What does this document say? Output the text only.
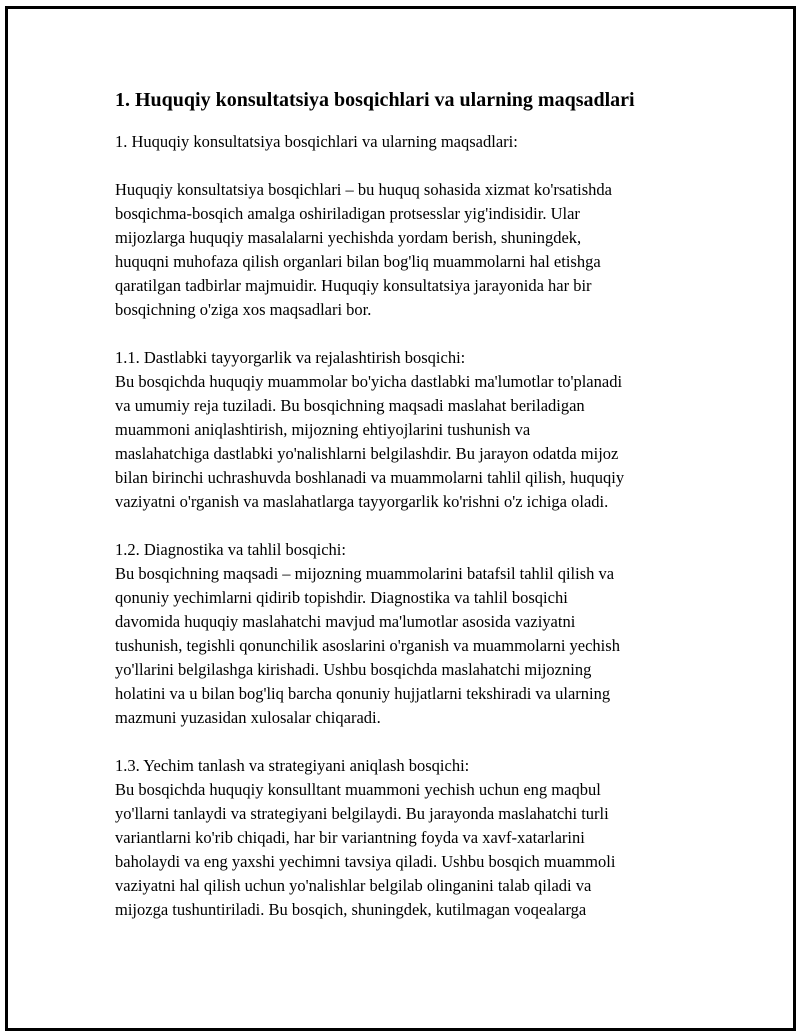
1. Huquqiy konsultatsiya bosqichlari va ularning maqsadlari

1. Huquqiy konsultatsiya bosqichlari va ularning maqsadlari:

Huquqiy konsultatsiya bosqichlari – bu huquq sohasida xizmat ko'rsatishda
bosqichma-bosqich amalga oshiriladigan protsesslar yig'indisidir. Ular
mijozlarga huquqiy masalalarni yechishda yordam berish, shuningdek,
huquqni muhofaza qilish organlari bilan bog'liq muammolarni hal etishga
qaratilgan tadbirlar majmuidir. Huquqiy konsultatsiya jarayonida har bir
bosqichning o'ziga xos maqsadlari bor.

1.1. Dastlabki tayyorgarlik va rejalashtirish bosqichi:
Bu bosqichda huquqiy muammolar bo'yicha dastlabki ma'lumotlar to'planadi
va umumiy reja tuziladi. Bu bosqichning maqsadi maslahat beriladigan
muammoni aniqlashtirish, mijozning ehtiyojlarini tushunish va
maslahatchiga dastlabki yo'nalishlarni belgilashdir. Bu jarayon odatda mijoz
bilan birinchi uchrashuvda boshlanadi va muammolarni tahlil qilish, huquqiy
vaziyatni o'rganish va maslahatlarga tayyorgarlik ko'rishni o'z ichiga oladi.

1.2. Diagnostika va tahlil bosqichi:
Bu bosqichning maqsadi – mijozning muammolarini batafsil tahlil qilish va
qonuniy yechimlarni qidirib topishdir. Diagnostika va tahlil bosqichi
davomida huquqiy maslahatchi mavjud ma'lumotlar asosida vaziyatni
tushunish, tegishli qonunchilik asoslarini o'rganish va muammolarni yechish
yo'llarini belgilashga kirishadi. Ushbu bosqichda maslahatchi mijozning
holatini va u bilan bog'liq barcha qonuniy hujjatlarni tekshiradi va ularning
mazmuni yuzasidan xulosalar chiqaradi.

1.3. Yechim tanlash va strategiyani aniqlash bosqichi:
Bu bosqichda huquqiy konsulltant muammoni yechish uchun eng maqbul
yo'llarni tanlaydi va strategiyani belgilaydi. Bu jarayonda maslahatchi turli
variantlarni ko'rib chiqadi, har bir variantning foyda va xavf-xatarlarini
baholaydi va eng yaxshi yechimni tavsiya qiladi. Ushbu bosqich muammoli
vaziyatni hal qilish uchun yo'nalishlar belgilab olinganini talab qiladi va
mijozga tushuntiriladi. Bu bosqich, shuningdek, kutilmagan voqealarga
